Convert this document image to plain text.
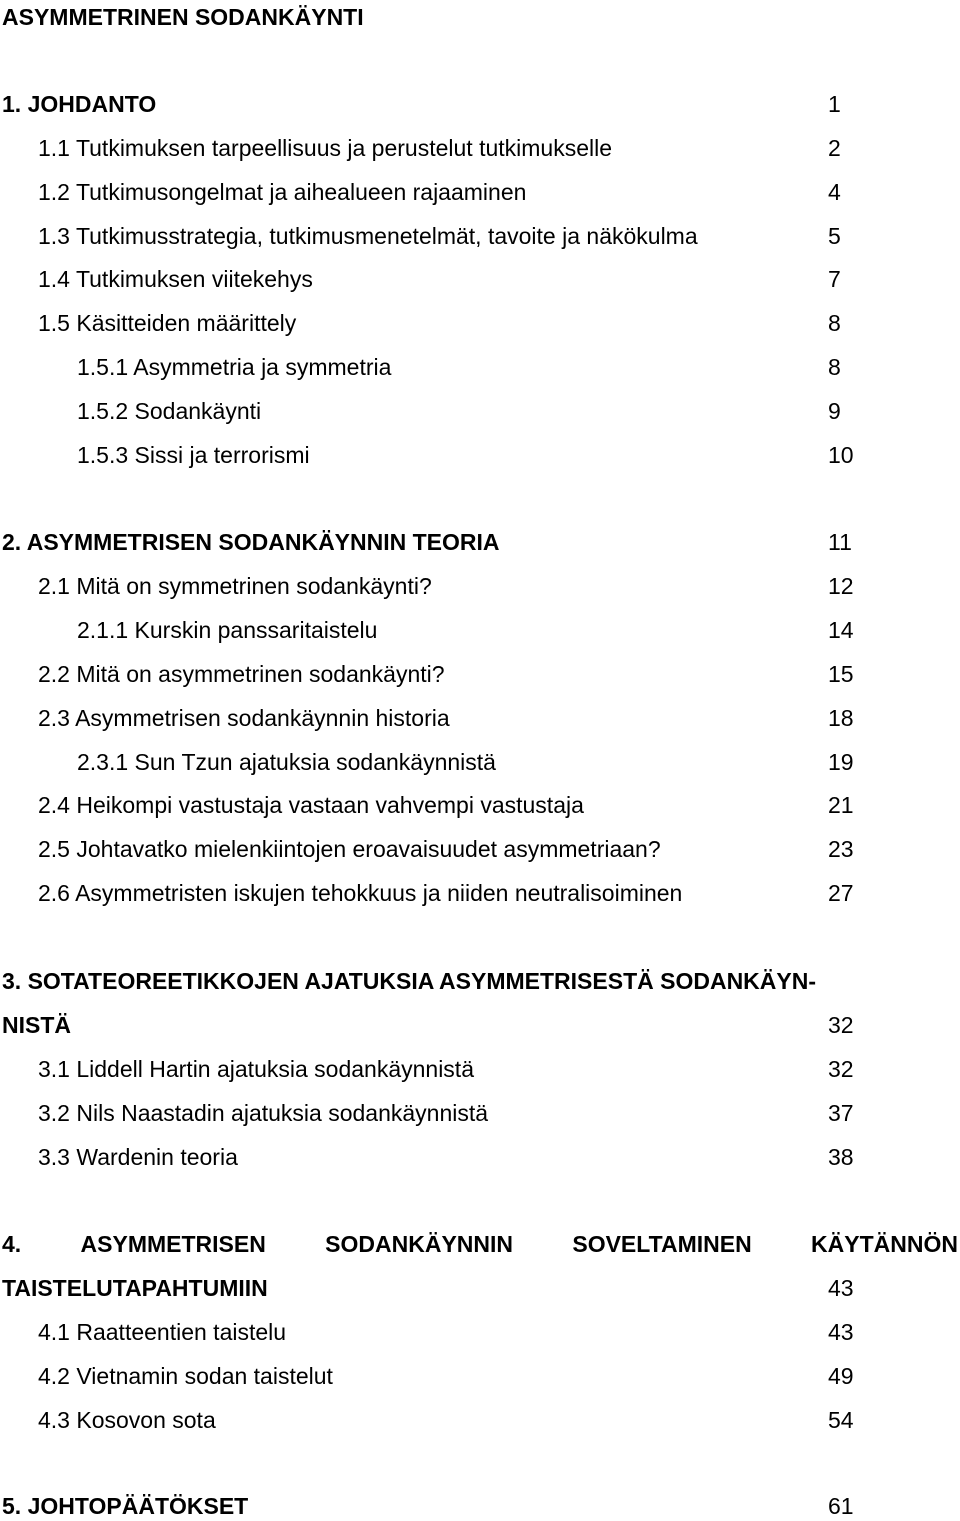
ASYMMETRINEN SODANKÄYNTI
1. JOHDANTO	1
1.1 Tutkimuksen tarpeellisuus ja perustelut tutkimukselle	2
1.2 Tutkimusongelmat ja aihealueen rajaaminen	4
1.3 Tutkimusstrategia, tutkimusmenetelmät, tavoite ja näkökulma	5
1.4 Tutkimuksen viitekehys	7
1.5 Käsitteiden määrittely	8
1.5.1 Asymmetria ja symmetria	8
1.5.2 Sodankäynti	9
1.5.3 Sissi ja terrorismi	10
2. ASYMMETRISEN SODANKÄYNNIN TEORIA	11
2.1 Mitä on symmetrinen sodankäynti?	12
2.1.1 Kurskin panssaritaistelu	14
2.2 Mitä on asymmetrinen sodankäynti?	15
2.3 Asymmetrisen sodankäynnin historia	18
2.3.1 Sun Tzun ajatuksia sodankäynnistä	19
2.4 Heikompi vastustaja vastaan vahvempi vastustaja	21
2.5 Johtavatko mielenkiintojen eroavaisuudet asymmetriaan?	23
2.6 Asymmetristen iskujen tehokkuus ja niiden neutralisoiminen	27
3. SOTATEOREETIKKOJEN AJATUKSIA ASYMMETRISESTÄ SODANKÄYN-
NISTÄ	32
3.1 Liddell Hartin ajatuksia sodankäynnistä	32
3.2 Nils Naastadin ajatuksia sodankäynnistä	37
3.3 Wardenin teoria	38
4.	ASYMMETRISEN	SODANKÄYNNIN	SOVELTAMINEN	KÄYTÄNNÖN
TAISTELUTAPAHTUMIIN	43
4.1 Raatteentien taistelu	43
4.2 Vietnamin sodan taistelut	49
4.3 Kosovon sota	54
5. JOHTOPÄÄTÖKSET	61
